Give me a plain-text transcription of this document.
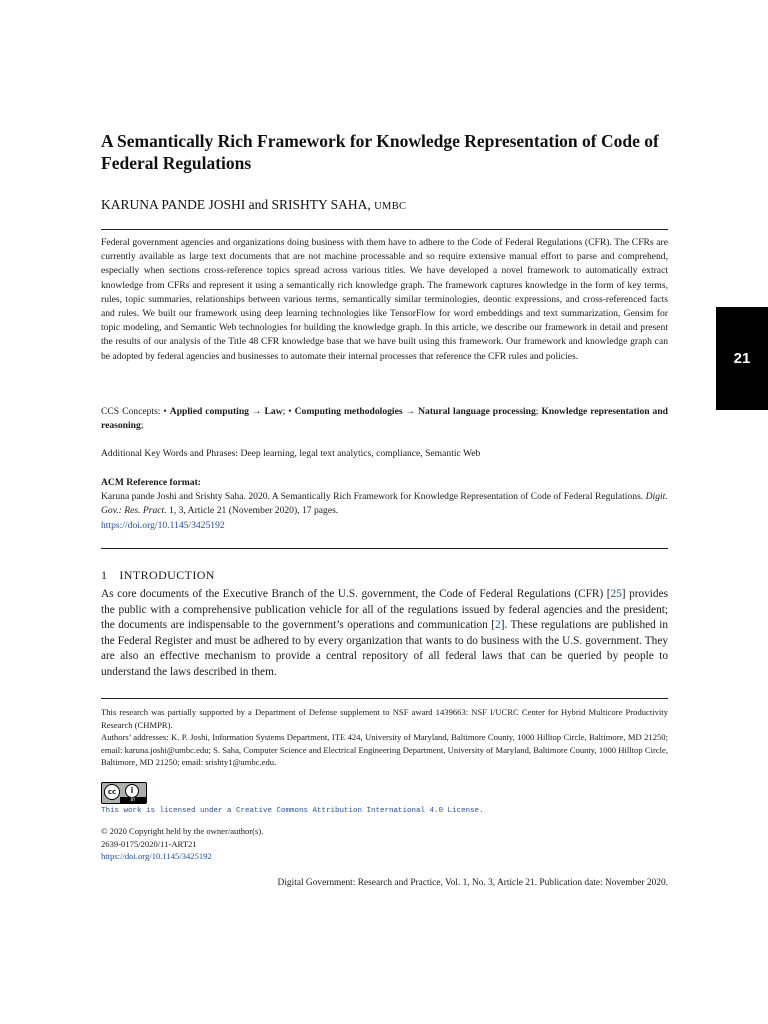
A Semantically Rich Framework for Knowledge Representation of Code of Federal Regulations
KARUNA PANDE JOSHI and SRISHTY SAHA, UMBC

Federal government agencies and organizations doing business with them have to adhere to the Code of Federal Regulations (CFR). The CFRs are currently available as large text documents that are not machine processable and so require extensive manual effort to parse and comprehend, especially when sections cross-reference topics spread across various titles. We have developed a novel framework to automatically extract knowledge from CFRs and represent it using a semantically rich knowledge graph. The framework captures knowledge in the form of key terms, rules, topic summaries, relationships between various terms, semantically similar terminologies, deontic expressions, and cross-referenced facts and rules. We built our framework using deep learning technologies like TensorFlow for word embeddings and text summarization, Gensim for topic modeling, and Semantic Web technologies for building the knowledge graph. In this article, we describe our framework in detail and present the results of our analysis of the Title 48 CFR knowledge base that we have built using this framework. Our framework and knowledge graph can be adopted by federal agencies and businesses to automate their internal processes that reference the CFR rules and policies.

CCS Concepts: • Applied computing → Law; • Computing methodologies → Natural language processing; Knowledge representation and reasoning;

Additional Key Words and Phrases: Deep learning, legal text analytics, compliance, Semantic Web

ACM Reference format:
Karuna pande Joshi and Srishty Saha. 2020. A Semantically Rich Framework for Knowledge Representation of Code of Federal Regulations. Digit. Gov.: Res. Pract. 1, 3, Article 21 (November 2020), 17 pages.
https://doi.org/10.1145/3425192
1 INTRODUCTION

As core documents of the Executive Branch of the U.S. government, the Code of Federal Regulations (CFR) [25] provides the public with a comprehensive publication vehicle for all of the regulations issued by federal agencies and the president; the documents are indispensable to the government’s operations and communication [2]. These regulations are published in the Federal Register and must be adhered to by every organization that wants to do business with the U.S. government. They are also an effective mechanism to provide a central repository of all federal laws that can be queried by people to understand the laws described in them.

This research was partially supported by a Department of Defense supplement to NSF award 1439663: NSF I/UCRC Center for Hybrid Multicore Productivity Research (CHMPR).

Authors’ addresses: K. P. Joshi, Information Systems Department, ITE 424, University of Maryland, Baltimore County, 1000 Hilltop Circle, Baltimore, MD 21250; email: karuna.joshi@umbc.edu; S. Saha, Computer Science and Electrical Engineering Department, University of Maryland, Baltimore County, 1000 Hilltop Circle, Baltimore, MD 21250; email: srishty1@umbc.edu.

cc	i
BY
This work is licensed under a Creative Commons Attribution International 4.0 License.
© 2020 Copyright held by the owner/author(s).
2639-0175/2020/11-ART21
https://doi.org/10.1145/3425192
Digital Government: Research and Practice, Vol. 1, No. 3, Article 21. Publication date: November 2020.
21
